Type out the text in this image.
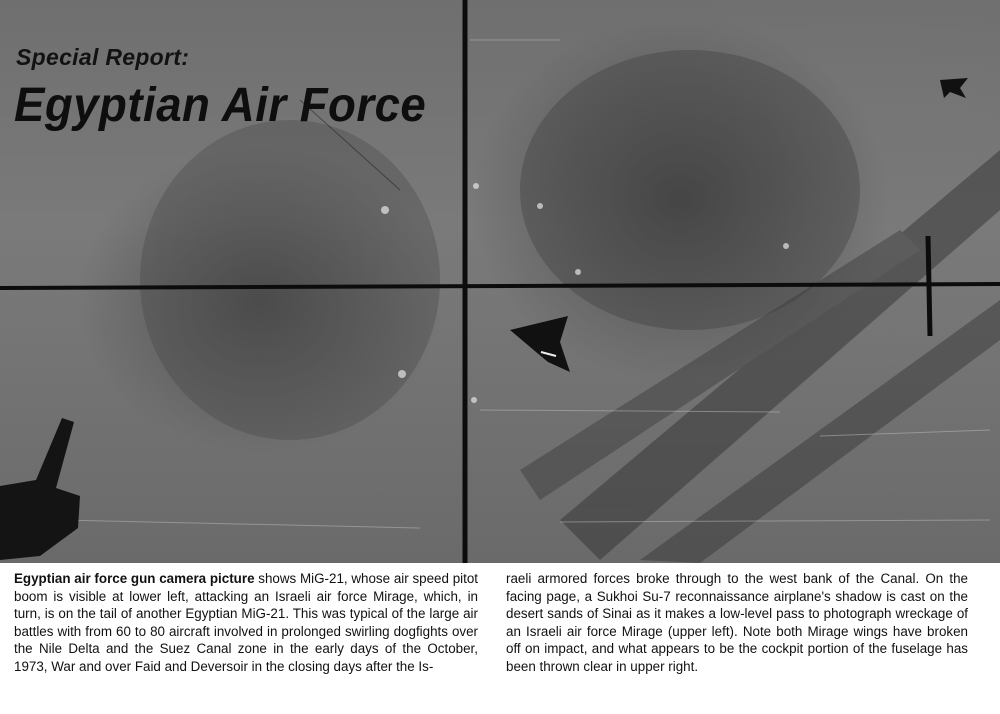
Special Report:
Egyptian Air Force
Egyptian air force gun camera picture shows MiG-21, whose air speed pitot boom is visible at lower left, attacking an Israeli air force Mirage, which, in turn, is on the tail of another Egyptian MiG-21. This was typical of the large air battles with from 60 to 80 aircraft involved in prolonged swirling dogfights over the Nile Delta and the Suez Canal zone in the early days of the October, 1973, War and over Faid and Deversoir in the closing days after the Is-
raeli armored forces broke through to the west bank of the Canal. On the facing page, a Sukhoi Su-7 reconnaissance airplane's shadow is cast on the desert sands of Sinai as it makes a low-level pass to photograph wreckage of an Israeli air force Mirage (upper left). Note both Mirage wings have broken off on impact, and what appears to be the cockpit portion of the fuselage has been thrown clear in upper right.
